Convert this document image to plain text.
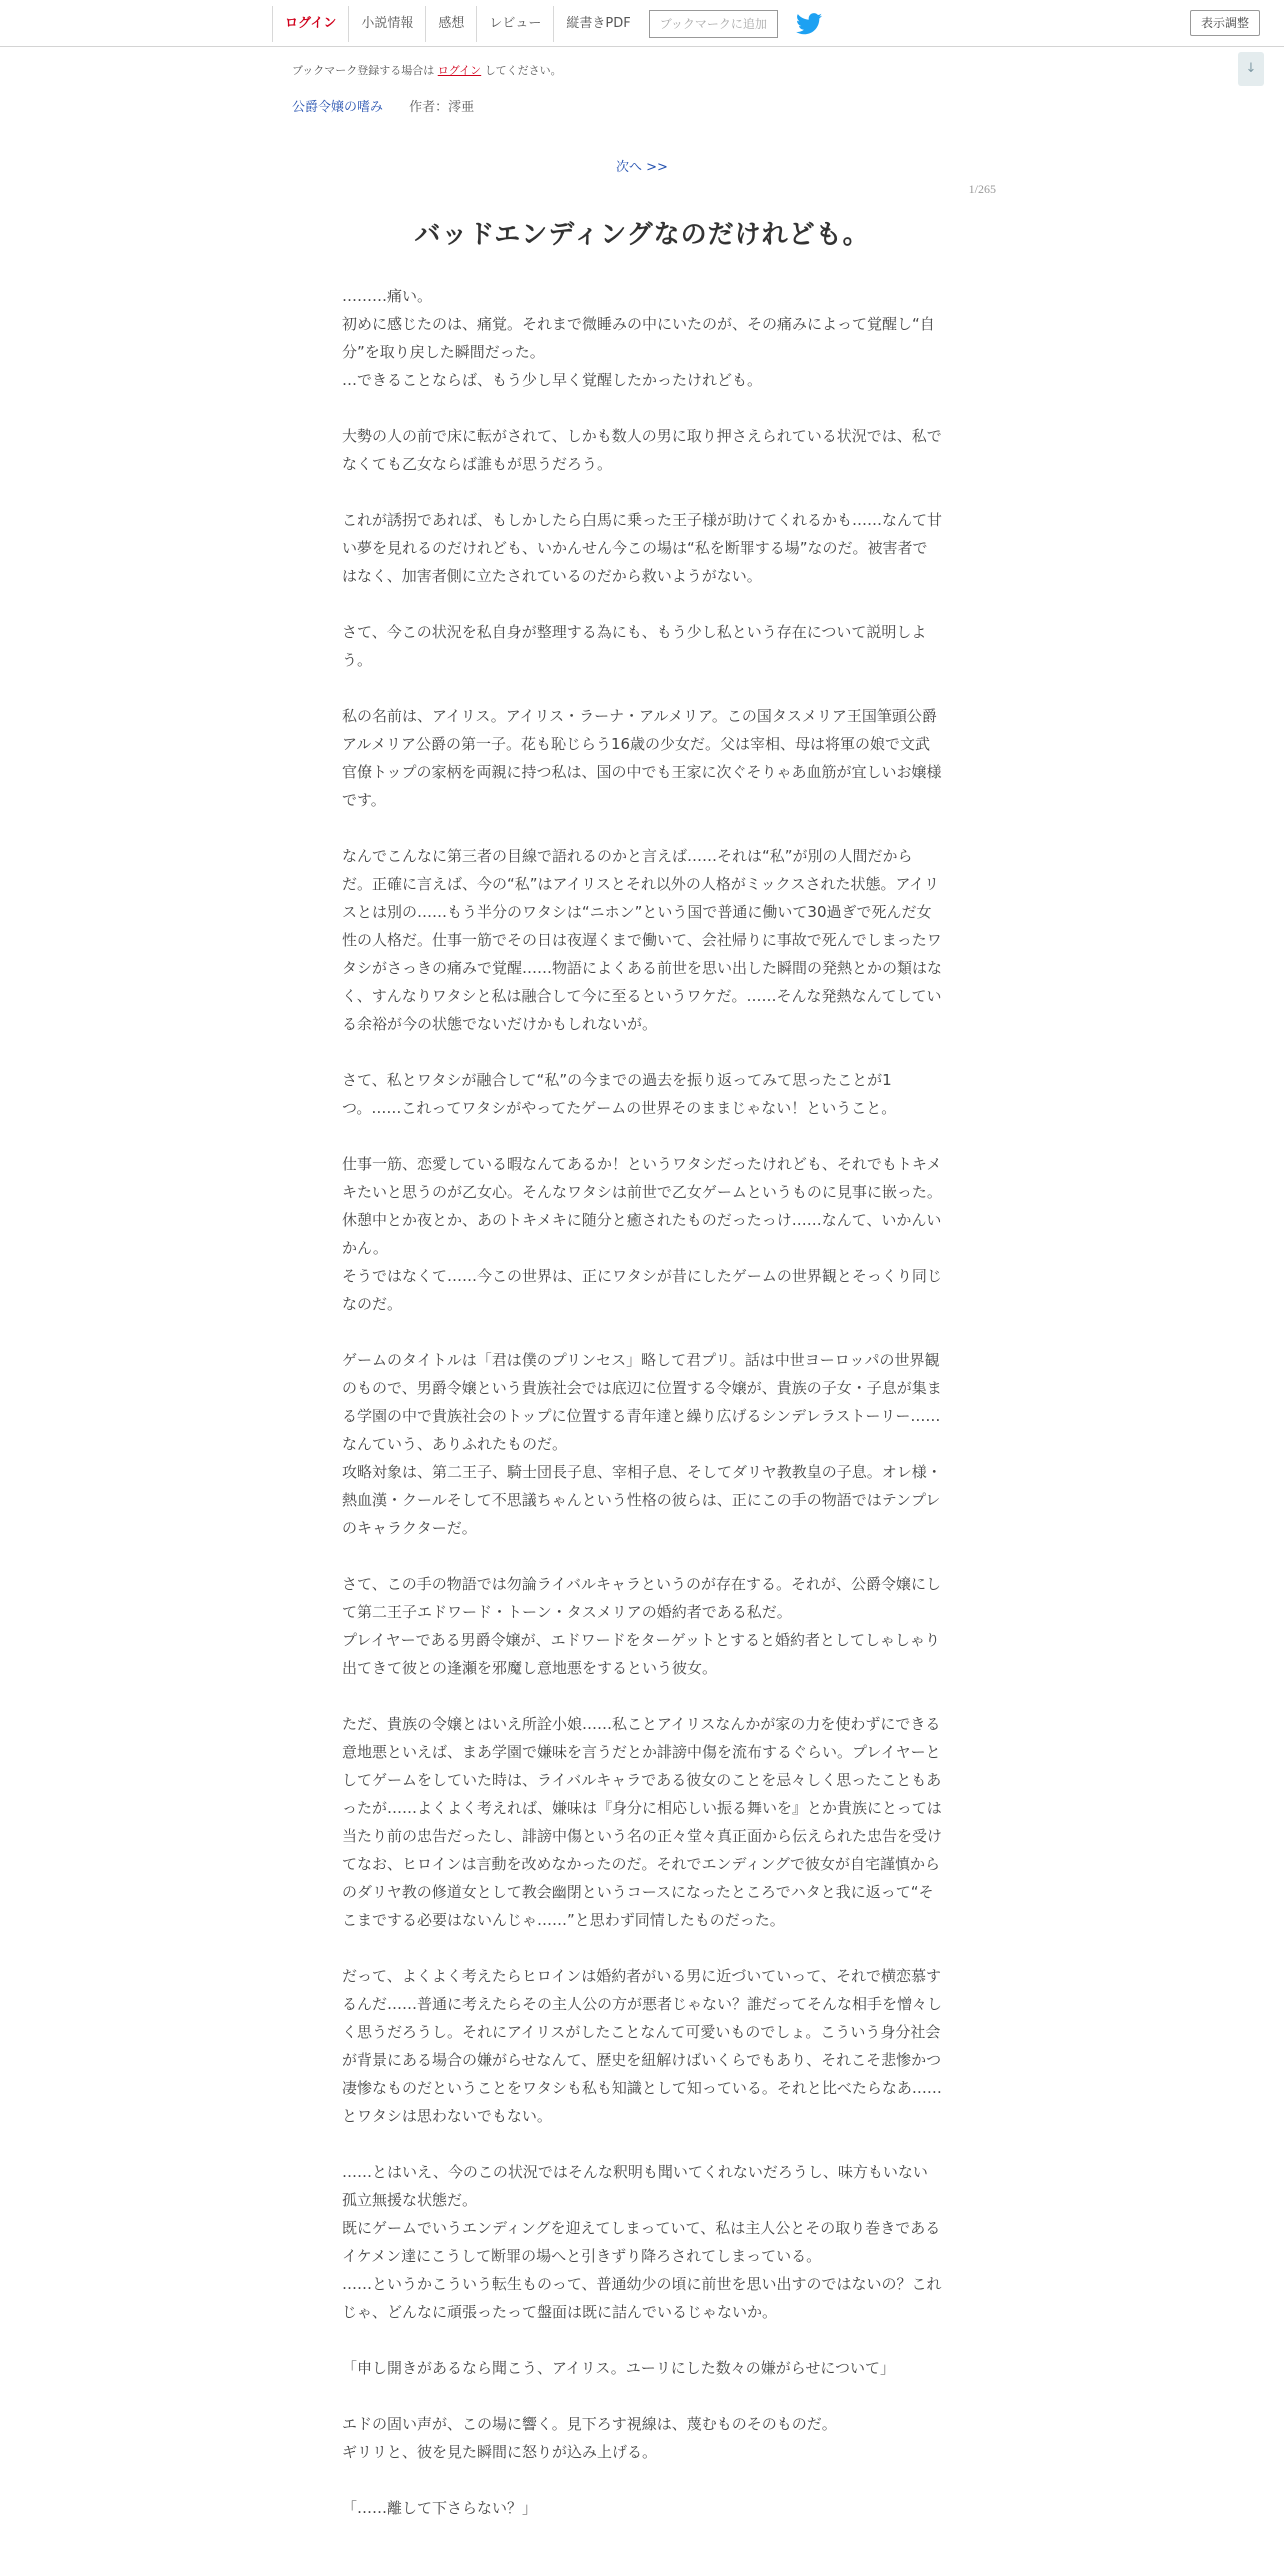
ログイン	小説情報	感想	レビュー	縦書きPDF	ブックマークに追加	表示調整
↓
ブックマーク登録する場合は ログイン してください。
公爵令嬢の嗜み 作者：澪亜
次へ >>
1/265
バッドエンディングなのだけれども。

………痛い。

初めに感じたのは、痛覚。それまで微睡みの中にいたのが、その痛みによって覚醒し“自分”を取り戻した瞬間だった。

…できることならば、もう少し早く覚醒したかったけれども。

大勢の人の前で床に転がされて、しかも数人の男に取り押さえられている状況では、私でなくても乙女ならば誰もが思うだろう。

これが誘拐であれば、もしかしたら白馬に乗った王子様が助けてくれるかも……なんて甘い夢を見れるのだけれども、いかんせん今この場は“私を断罪する場”なのだ。被害者ではなく、加害者側に立たされているのだから救いようがない。

さて、今この状況を私自身が整理する為にも、もう少し私という存在について説明しよう。

私の名前は、アイリス。アイリス・ラーナ・アルメリア。この国タスメリア王国筆頭公爵アルメリア公爵の第一子。花も恥じらう16歳の少女だ。父は宰相、母は将軍の娘で文武官僚トップの家柄を両親に持つ私は、国の中でも王家に次ぐそりゃあ血筋が宜しいお嬢様です。

なんでこんなに第三者の目線で語れるのかと言えば……それは“私”が別の人間だからだ。正確に言えば、今の“私”はアイリスとそれ以外の人格がミックスされた状態。アイリスとは別の……もう半分のワタシは“ニホン”という国で普通に働いて30過ぎで死んだ女性の人格だ。仕事一筋でその日は夜遅くまで働いて、会社帰りに事故で死んでしまったワタシがさっきの痛みで覚醒……物語によくある前世を思い出した瞬間の発熱とかの類はなく、すんなりワタシと私は融合して今に至るというワケだ。……そんな発熱なんてしている余裕が今の状態でないだけかもしれないが。

さて、私とワタシが融合して“私”の今までの過去を振り返ってみて思ったことが1つ。……これってワタシがやってたゲームの世界そのままじゃない！ということ。

仕事一筋、恋愛している暇なんてあるか！というワタシだったけれども、それでもトキメキたいと思うのが乙女心。そんなワタシは前世で乙女ゲームというものに見事に嵌った。

休憩中とか夜とか、あのトキメキに随分と癒されたものだったっけ……なんて、いかんいかん。

そうではなくて……今この世界は、正にワタシが昔にしたゲームの世界観とそっくり同じなのだ。

ゲームのタイトルは「君は僕のプリンセス」略して君プリ。話は中世ヨーロッパの世界観のもので、男爵令嬢という貴族社会では底辺に位置する令嬢が、貴族の子女・子息が集まる学園の中で貴族社会のトップに位置する青年達と繰り広げるシンデレラストーリー……なんていう、ありふれたものだ。

攻略対象は、第二王子、騎士団長子息、宰相子息、そしてダリヤ教教皇の子息。オレ様・熱血漢・クールそして不思議ちゃんという性格の彼らは、正にこの手の物語ではテンプレのキャラクターだ。

さて、この手の物語では勿論ライバルキャラというのが存在する。それが、公爵令嬢にして第二王子エドワード・トーン・タスメリアの婚約者である私だ。

プレイヤーである男爵令嬢が、エドワードをターゲットとすると婚約者としてしゃしゃり出てきて彼との逢瀬を邪魔し意地悪をするという彼女。

ただ、貴族の令嬢とはいえ所詮小娘……私ことアイリスなんかが家の力を使わずにできる意地悪といえば、まあ学園で嫌味を言うだとか誹謗中傷を流布するぐらい。プレイヤーとしてゲームをしていた時は、ライバルキャラである彼女のことを忌々しく思ったこともあったが……よくよく考えれば、嫌味は『身分に相応しい振る舞いを』とか貴族にとっては当たり前の忠告だったし、誹謗中傷という名の正々堂々真正面から伝えられた忠告を受けてなお、ヒロインは言動を改めなかったのだ。それでエンディングで彼女が自宅謹慎からのダリヤ教の修道女として教会幽閉というコースになったところでハタと我に返って“そこまでする必要はないんじゃ……”と思わず同情したものだった。

だって、よくよく考えたらヒロインは婚約者がいる男に近づいていって、それで横恋慕するんだ……普通に考えたらその主人公の方が悪者じゃない？誰だってそんな相手を憎々しく思うだろうし。それにアイリスがしたことなんて可愛いものでしょ。こういう身分社会が背景にある場合の嫌がらせなんて、歴史を紐解けばいくらでもあり、それこそ悲惨かつ凄惨なものだということをワタシも私も知識として知っている。それと比べたらなあ……とワタシは思わないでもない。

……とはいえ、今のこの状況ではそんな釈明も聞いてくれないだろうし、味方もいない孤立無援な状態だ。

既にゲームでいうエンディングを迎えてしまっていて、私は主人公とその取り巻きであるイケメン達にこうして断罪の場へと引きずり降ろされてしまっている。

……というかこういう転生ものって、普通幼少の頃に前世を思い出すのではないの？これじゃ、どんなに頑張ったって盤面は既に詰んでいるじゃないか。

「申し開きがあるなら聞こう、アイリス。ユーリにした数々の嫌がらせについて」

エドの固い声が、この場に響く。見下ろす視線は、蔑むものそのものだ。

ギリリと、彼を見た瞬間に怒りが込み上げる。

「……離して下さらない？」
